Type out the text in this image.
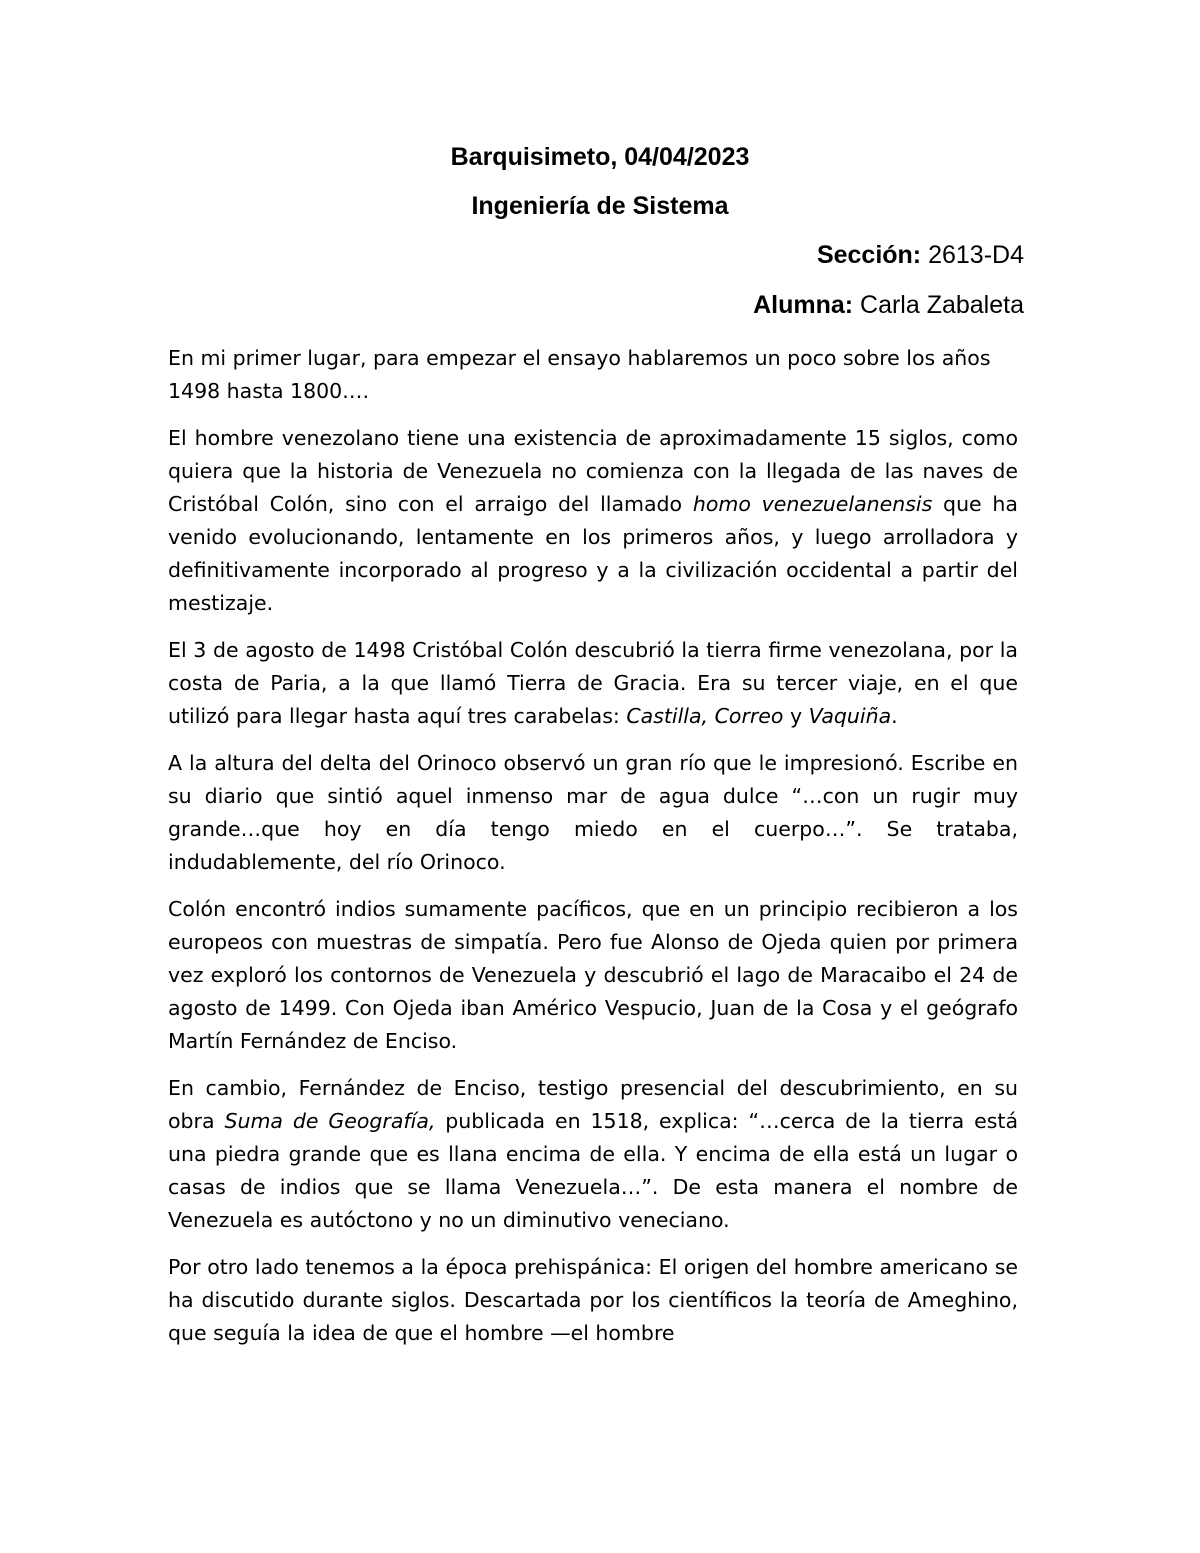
Barquisimeto, 04/04/2023
Ingeniería de Sistema
Sección: 2613-D4
Alumna: Carla Zabaleta

En mi primer lugar, para empezar el ensayo hablaremos un poco sobre los años 1498 hasta 1800.…

El hombre venezolano tiene una existencia de aproximadamente 15 siglos, como quiera que la historia de Venezuela no comienza con la llegada de las naves de Cristóbal Colón, sino con el arraigo del llamado homo venezuelanensis que ha venido evolucionando, lentamente en los primeros años, y luego arrolladora y definitivamente incorporado al progreso y a la civilización occidental a partir del mestizaje.

El 3 de agosto de 1498 Cristóbal Colón descubrió la tierra firme venezolana, por la costa de Paria, a la que llamó Tierra de Gracia. Era su tercer viaje, en el que utilizó para llegar hasta aquí tres carabelas: Castilla, Correo y Vaquiña.

A la altura del delta del Orinoco observó un gran río que le impresionó. Escribe en su diario que sintió aquel inmenso mar de agua dulce “…con un rugir muy grande…que hoy en día tengo miedo en el cuerpo…”. Se trataba, indudablemente, del río Orinoco.

Colón encontró indios sumamente pacíficos, que en un principio recibieron a los europeos con muestras de simpatía. Pero fue Alonso de Ojeda quien por primera vez exploró los contornos de Venezuela y descubrió el lago de Maracaibo el 24 de agosto de 1499. Con Ojeda iban Américo Vespucio, Juan de la Cosa y el geógrafo Martín Fernández de Enciso.

En cambio, Fernández de Enciso, testigo presencial del descubrimiento, en su obra Suma de Geografía, publicada en 1518, explica: “…cerca de la tierra está una piedra grande que es llana encima de ella. Y encima de ella está un lugar o casas de indios que se llama Venezuela…”. De esta manera el nombre de Venezuela es autóctono y no un diminutivo veneciano.

Por otro lado tenemos a la época prehispánica: El origen del hombre americano se ha discutido durante siglos. Descartada por los científicos la teoría de Ameghino, que seguía la idea de que el hombre —el hombre
